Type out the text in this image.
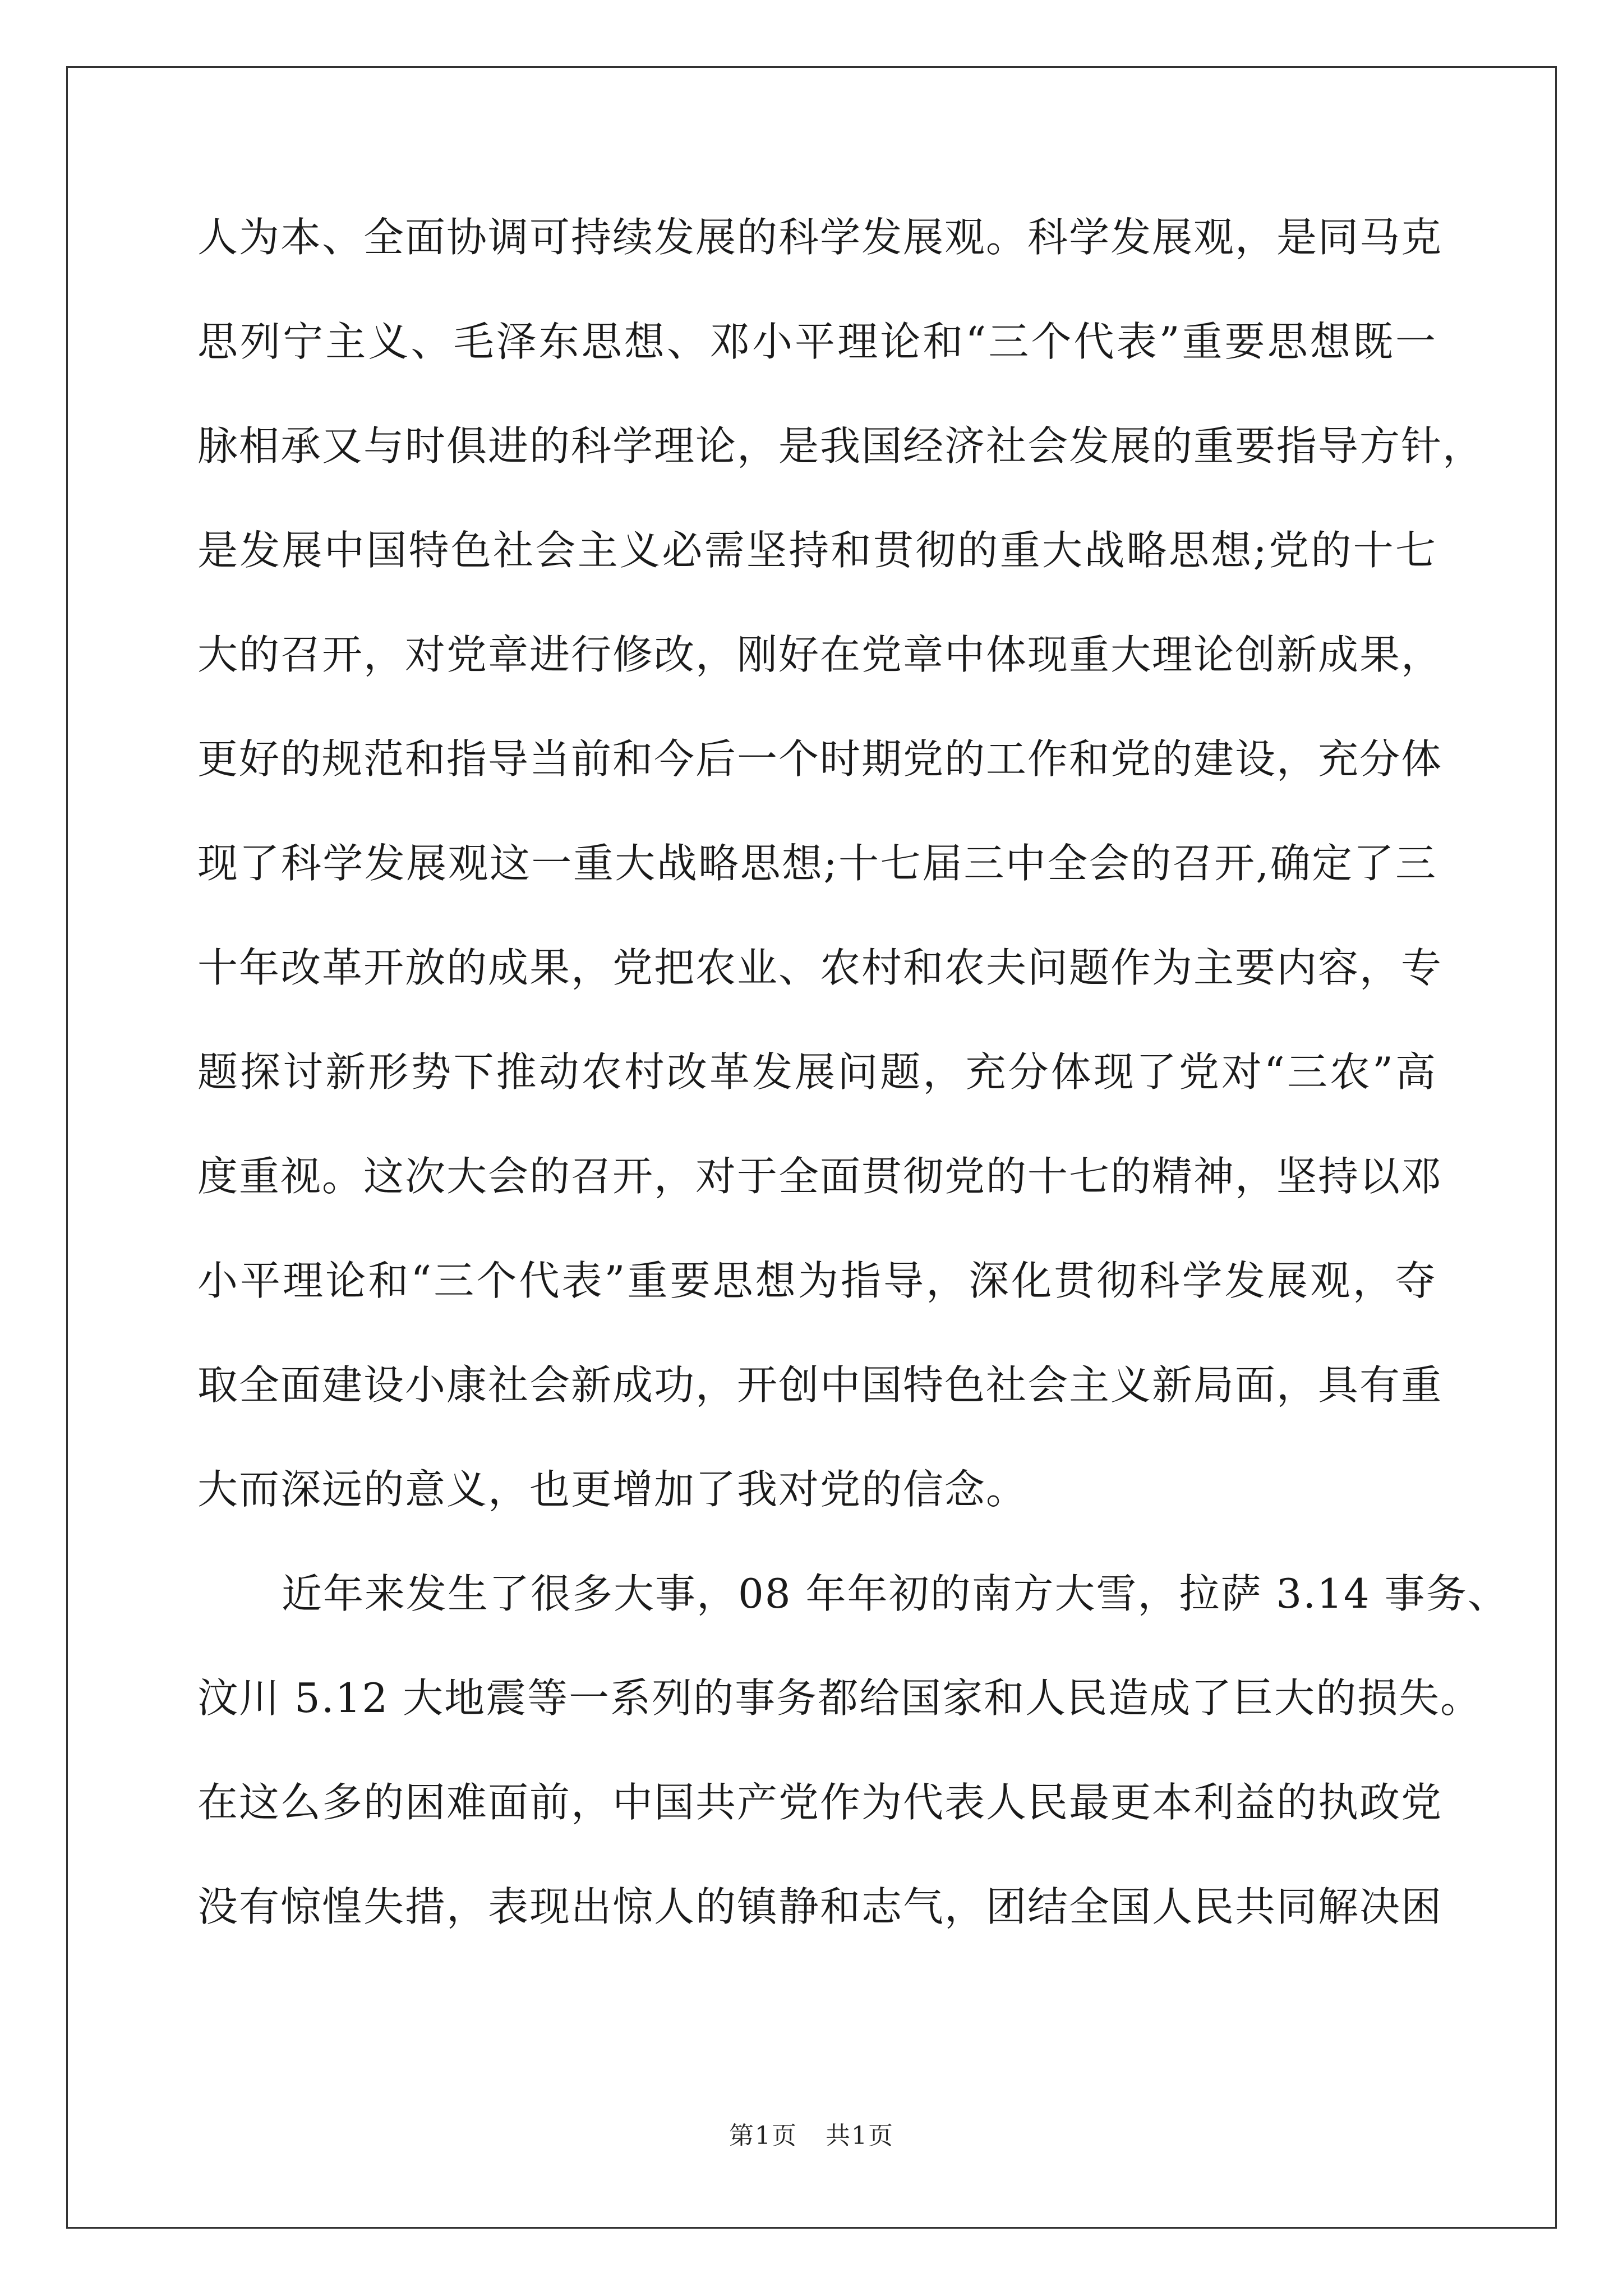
人为本、全面协调可持续发展的科学发展观。科学发展观，是同马克
思列宁主义、毛泽东思想、邓小平理论和“三个代表”重要思想既一
脉相承又与时俱进的科学理论，是我国经济社会发展的重要指导方针，
是发展中国特色社会主义必需坚持和贯彻的重大战略思想;党的十七
大的召开，对党章进行修改，刚好在党章中体现重大理论创新成果，
更好的规范和指导当前和今后一个时期党的工作和党的建设，充分体
现了科学发展观这一重大战略思想;十七届三中全会的召开,确定了三
十年改革开放的成果，党把农业、农村和农夫问题作为主要内容，专
题探讨新形势下推动农村改革发展问题，充分体现了党对“三农”高
度重视。这次大会的召开，对于全面贯彻党的十七的精神，坚持以邓
小平理论和“三个代表”重要思想为指导，深化贯彻科学发展观，夺
取全面建设小康社会新成功，开创中国特色社会主义新局面，具有重
大而深远的意义，也更增加了我对党的信念。
近年来发生了很多大事，08 年年初的南方大雪，拉萨 3.14 事务、
汶川 5.12 大地震等一系列的事务都给国家和人民造成了巨大的损失。
在这么多的困难面前，中国共产党作为代表人民最更本利益的执政党
没有惊惶失措，表现出惊人的镇静和志气，团结全国人民共同解决困
第1页 共1页
